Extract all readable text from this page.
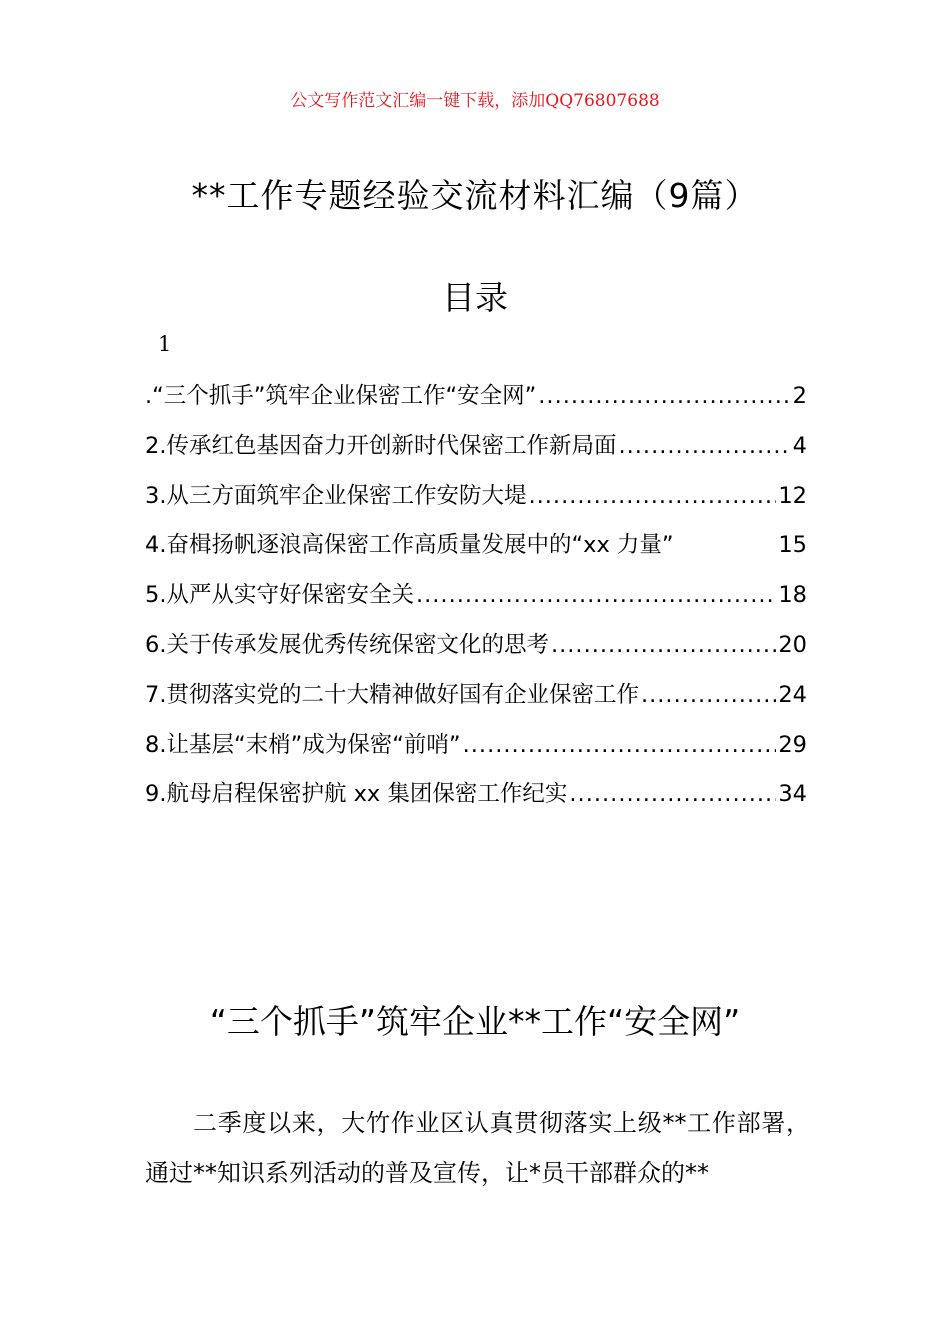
公文写作范文汇编一键下载，添加QQ76807688
**工作专题经验交流材料汇编（9篇）
目录
1
.“三个抓手”筑牢企业保密工作“安全网” .....	2
2.传承红色基因奋力开创新时代保密工作新局面 .....	4
3.从三方面筑牢企业保密工作安防大堤 .....	12
4.奋楫扬帆逐浪高保密工作高质量发展中的“xx 力量”	15
5.从严从实守好保密安全关 .....	18
6.关于传承发展优秀传统保密文化的思考 .....	20
7.贯彻落实党的二十大精神做好国有企业保密工作 .....	24
8.让基层“末梢”成为保密“前哨” .....	29
9.航母启程保密护航 xx 集团保密工作纪实 .....	34
“三个抓手”筑牢企业**工作“安全网”

二季度以来，大竹作业区认真贯彻落实上级**工作部署，通过**知识系列活动的普及宣传，让*员干部群众的**
